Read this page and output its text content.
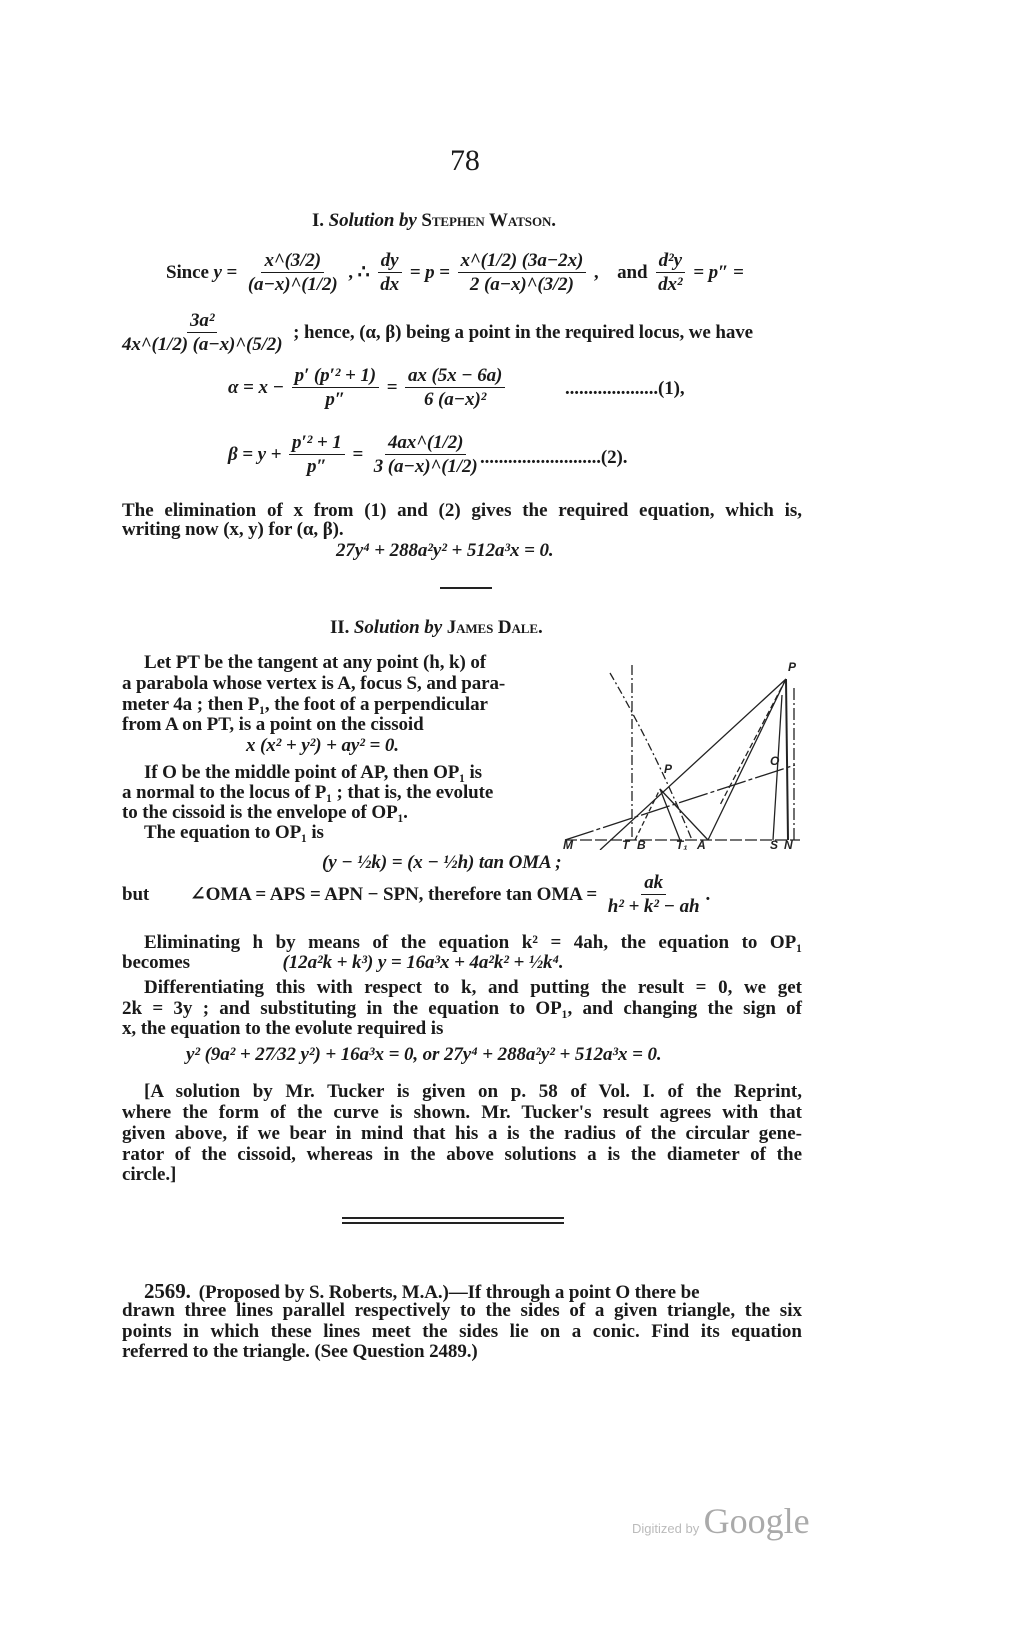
78
I. Solution by Stephen Watson.
Since $y = \frac{x\^{}(3/2)}{(a-x)\^{}(1/2)}$ , ∴ $\frac{dy}{dx} = p = \frac{x\^{}(1/2) (3a-2x)}{2 (a-x)\^{}(3/2)}$ ,    and $\frac{\text{d²y}}{\text{dx²}} = p''$ =
$\frac{\text{3a²}}{4x\^{}(1/2) (a-x)\^{}(5/2)}$ ; hence, (α, β) being a point in the required locus, we have
$\alpha = x - \frac{\text{p′ (p′² + 1)}}{p''} = \frac{ax (5x - 6a)}{\text{6 (a−x)²}}$	....................(1),
$\beta = y + \frac{\text{p′² + 1}}{p''} = \frac{4ax\^{}(1/2)}{3 (a-x)\^{}(1/2)} ..........................(2)$.
The elimination of x from (1) and (2) gives the required equation, which is,
writing now (x, y) for (α, β).
27y⁴ + 288a²y² + 512a³x = 0.
II. Solution by James Dale.
Let PT be the tangent at any point (h, k) of
a parabola whose vertex is A, focus S, and para-
meter 4a ; then P₁, the foot of a perpendicular
from A on PT, is a point on the cissoid
x (x² + y²) + ay² = 0.
If O be the middle point of AP, then OP₁ is
a normal to the locus of P₁ ; that is, the evolute
to the cissoid is the envelope of OP₁.
The equation to OP₁ is
P
O
P
M	T B	T₁ A	S N
(y − ½k) = (x − ½h) tan OMA ;
but ∠OMA = APS = APN − SPN, therefore tan OMA = $\frac{ak}{\text{h² + k² − ah}}$ .
Eliminating h by means of the equation k² = 4ah, the equation to OP₁
becomes	(12a²k + k³) y = 16a³x + 4a²k² + ½k⁴.
Differentiating this with respect to k, and putting the result = 0, we get
2k = 3y ; and substituting in the equation to OP₁, and changing the sign of
x, the equation to the evolute required is
y² (9a² + 27⁄32 y²) + 16a³x = 0, or 27y⁴ + 288a²y² + 512a³x = 0.
[A solution by Mr. Tucker is given on p. 58 of Vol. I. of the Reprint,
where the form of the curve is shown. Mr. Tucker's result agrees with that
given above, if we bear in mind that his a is the radius of the circular gene-
rator of the cissoid, whereas in the above solutions a is the diameter of the
circle.]
2569. (Proposed by S. Roberts, M.A.)—If through a point O there be
drawn three lines parallel respectively to the sides of a given triangle, the six
points in which these lines meet the sides lie on a conic. Find its equation
referred to the triangle. (See Question 2489.)
Digitized by Google
